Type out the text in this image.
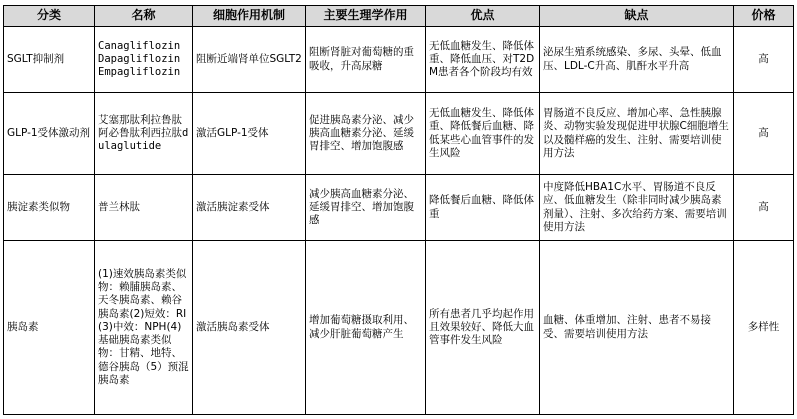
分类	名称	细胞作用机制	主要生理学作用	优点	缺点	价格
SGLT抑制剂	Canagliflozin
Dapagliflozin
Empagliflozin	阻断近端肾单位SGLT2	阻断肾脏对葡萄糖的重吸收，升高尿糖	无低血糖发生、降低体重、降低血压、对T2DM患者各个阶段均有效	泌尿生殖系统感染、多尿、头晕、低血压、LDL-C升高、肌酐水平升高	高
GLP-1受体激动剂	艾塞那肽利拉鲁肽阿必鲁肽利西拉肽dulaglutide	激活GLP-1受体	促进胰岛素分泌、减少胰高血糖素分泌、延缓胃排空、增加饱腹感	无低血糖发生、降低体重、降低餐后血糖、降低某些心血管事件的发生风险	胃肠道不良反应、增加心率、急性胰腺炎、动物实验发现促进甲状腺C细胞增生以及髓样癌的发生、注射、需要培训使用方法	高
胰淀素类似物	普兰林肽	激活胰淀素受体	减少胰高血糖素分泌、延缓胃排空、增加饱腹感	降低餐后血糖、降低体重	中度降低HBA1C水平、胃肠道不良反应、低血糖发生（除非同时减少胰岛素剂量）、注射、多次给药方案、需要培训使用方法	高
胰岛素	(1)速效胰岛素类似物：赖脯胰岛素、天冬胰岛素、赖谷胰岛素(2)短效：RI(3)中效：NPH(4)基础胰岛素类似物：甘精、地特、德谷胰岛（5）预混胰岛素	激活胰岛素受体	增加葡萄糖摄取利用、减少肝脏葡萄糖产生	所有患者几乎均起作用且效果较好、降低大血管事件发生风险	血糖、体重增加、注射、患者不易接受、需要培训使用方法	多样性
